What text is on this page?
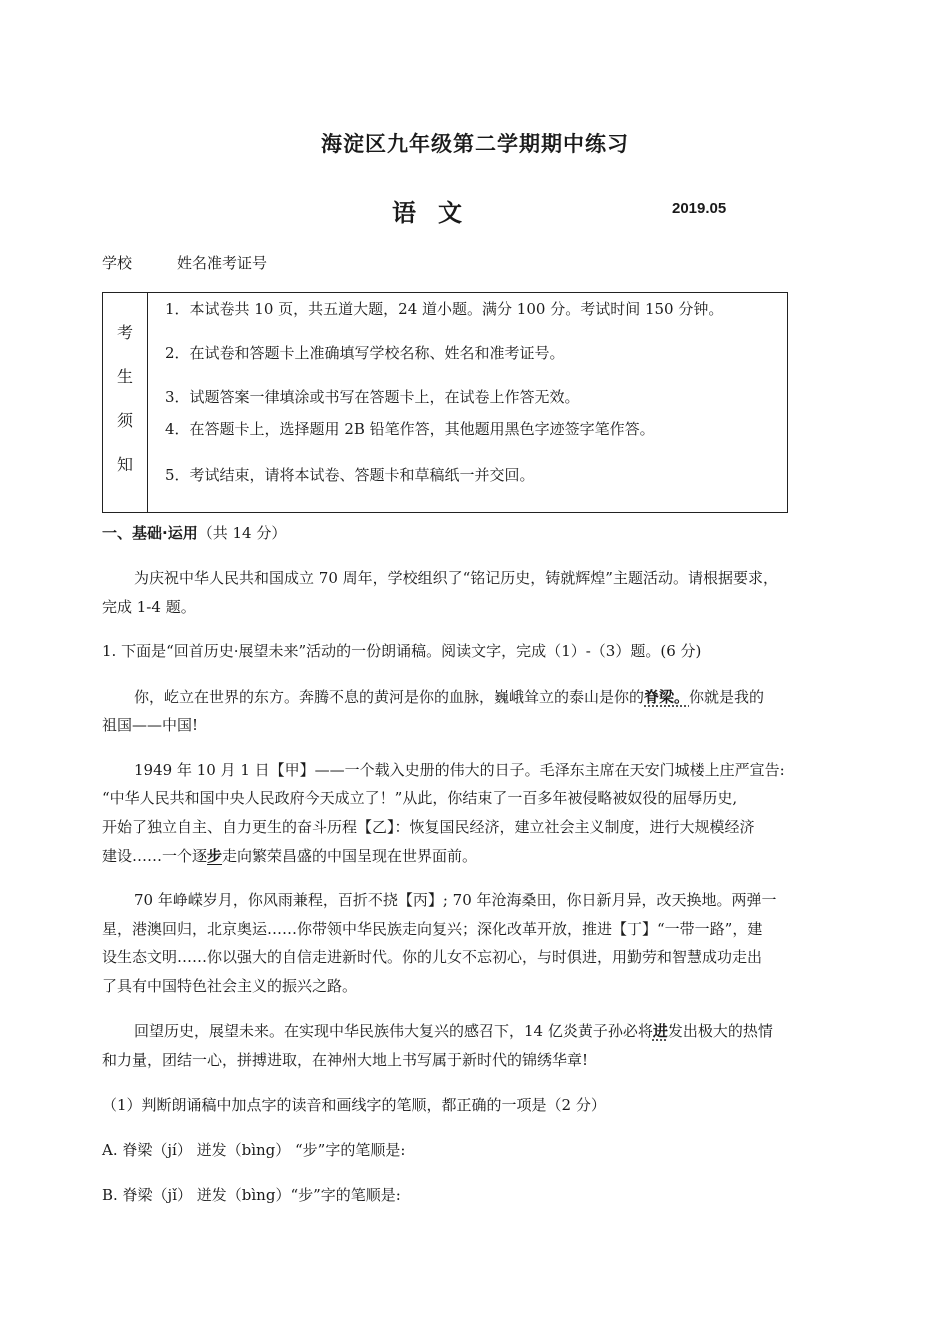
海淀区九年级第二学期期中练习
语文	2019.05
学校	姓名准考证号
考
生
须
知
1．本试卷共 10 页，共五道大题，24 道小题。满分 100 分。考试时间 150 分钟。
2．在试卷和答题卡上准确填写学校名称、姓名和准考证号。
3．试题答案一律填涂或书写在答题卡上，在试卷上作答无效。
4．在答题卡上，选择题用 2B 铅笔作答，其他题用黑色字迹签字笔作答。
5．考试结束，请将本试卷、答题卡和草稿纸一并交回。
一、基础·运用（共 14 分）
为庆祝中华人民共和国成立 70 周年，学校组织了“铭记历史，铸就辉煌”主题活动。请根据要求，
完成 1-4 题。
1. 下面是“回首历史·展望未来”活动的一份朗诵稿。阅读文字，完成（1）-（3）题。(6 分)
你，屹立在世界的东方。奔腾不息的黄河是你的血脉，巍峨耸立的泰山是你的脊梁。你就是我的
祖国——中国!
1949 年 10 月 1 日【甲】——一个载入史册的伟大的日子。毛泽东主席在天安门城楼上庄严宣告:
“中华人民共和国中央人民政府今天成立了！”从此，你结束了一百多年被侵略被奴役的屈辱历史,
开始了独立自主、自力更生的奋斗历程【乙】：恢复国民经济，建立社会主义制度，进行大规模经济
建设……一个逐步走向繁荣昌盛的中国呈现在世界面前。
70 年峥嵘岁月，你风雨兼程，百折不挠【丙】; 70 年沧海桑田，你日新月异，改天换地。两弹一
星，港澳回归，北京奥运……你带领中华民族走向复兴；深化改革开放，推进【丁】“一带一路”，建
设生态文明……你以强大的自信走进新时代。你的儿女不忘初心，与时俱进，用勤劳和智慧成功走出
了具有中国特色社会主义的振兴之路。
回望历史，展望未来。在实现中华民族伟大复兴的感召下，14 亿炎黄子孙必将进发出极大的热情
和力量，团结一心，拼搏进取，在神州大地上书写属于新时代的锦绣华章!
（1）判断朗诵稿中加点字的读音和画线字的笔顺，都正确的一项是（2 分）
A. 脊梁（jí） 迸发（bìng） “步”字的笔顺是:
B. 脊梁（jǐ） 迸发（bìng）“步”字的笔顺是:
